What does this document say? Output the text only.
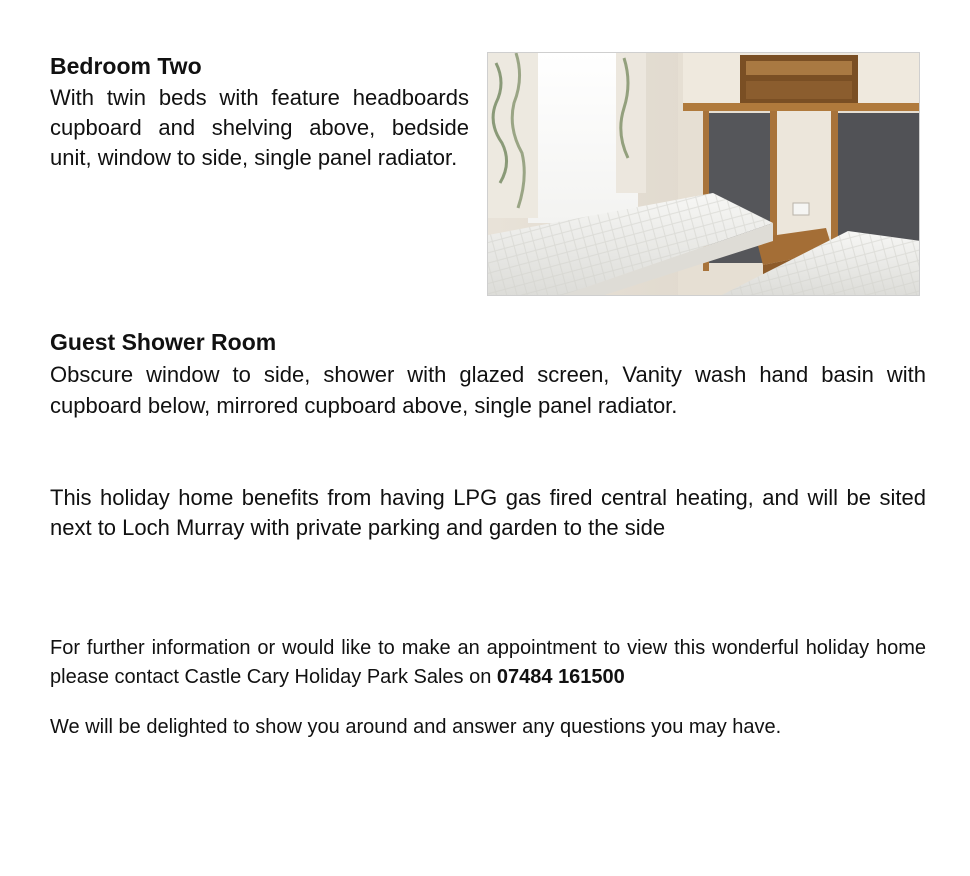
Bedroom Two

With twin beds with feature headboards cupboard and shelving above, bedside unit, window to side, single panel radiator.

Guest Shower Room

Obscure window to side, shower with glazed screen, Vanity wash hand basin with cupboard below, mirrored cupboard above, single panel radiator.

This holiday home benefits from having LPG gas fired central heating, and will be sited next to Loch Murray with private parking and garden to the side

For further information or would like to make an appointment to view this wonderful holiday home please contact Castle Cary Holiday Park Sales on 07484 161500

We will be delighted to show you around and answer any questions you may have.
